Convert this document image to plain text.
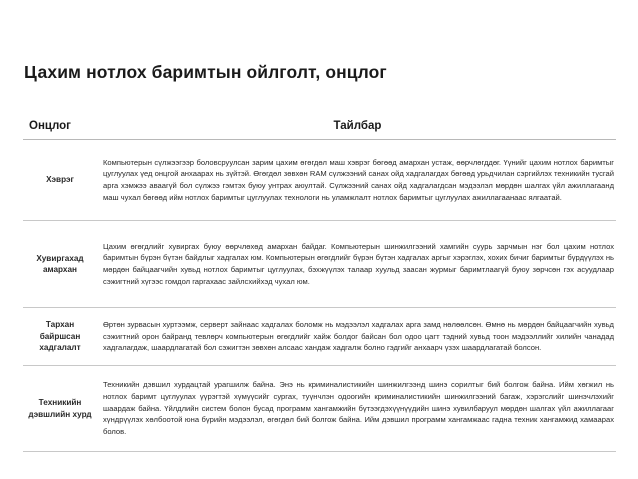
Цахим нотлох баримтын ойлголт, онцлог
Онцлог	Тайлбар
Хэврэг	Компьютерын сүлжээгээр боловсруулсан зарим цахим өгөгдөл маш хэврэг бөгөөд амархан устаж, өөрчлөгддөг. Үүнийг цахим нотлох баримтыг цуглуулах үед онцгой анхаарах нь зүйтэй. Өгөгдөл зөвхөн RAM сүлжээний санах ойд хадгалагдах бөгөөд урьдчилан сэргийлэх техникийн тусгай арга хэмжээ аваагүй бол сүлжээ гэмтэх буюу унтрах аюултай. Сүлжээний санах ойд хадгалагдсан мэдээлэл мөрдөн шалгах үйл ажиллагаанд маш чухал бөгөөд ийм нотлох баримтыг цуглуулах технологи нь уламжлалт нотлох баримтыг цуглуулах ажиллагаанаас ялгаатай.
Хувиргахад амархан	Цахим өгөгдлийг хувиргах буюу өөрчлөхөд амархан байдаг. Компьютерын шинжилгээний хамгийн суурь зарчмын нэг бол цахим нотлох баримтын бүрэн бүтэн байдлыг хадгалах юм. Компьютерын өгөгдлийг бүрэн бүтэн хадгалах аргыг хэрэглэх, хохих бичиг баримтыг бүрдүүлэх нь мөрдөн байцаагчийн хувьд нотлох баримтыг цуглуулах, бэхжүүлэх талаар хуульд заасан журмыг баримтлаагүй буюу зөрчсөн гэх асуудлаар сэжигтний хүгээс гомдол гаргахаас зайлсхийхэд чухал юм.
Тархан байршсан хадгалалт	Өртөн зурвасын хуртээмж, серверт зайнаас хадгалах боломж нь мэдээлэл хадгалах арга замд нөлөөлсөн. Өмнө нь мөрдөн байцаагчийн хувьд сэжигтний орон байранд тевлөрч компьютерын өгөгдлийг хайж болдог байсан бол одоо цагт тэдний хувьд тоон мэдээллийг хилийн чанадад хадгалагдаж, шаардлагатай бол сэжигтэн зөвхөн алсаас хандаж хадгалж болно гэдгийг анхаарч үзэх шаардлагатай болсон.
Техникийн дэвшлийн хурд	Техникийн дэвшил хурдацтай урагшилж байна. Энэ нь криминалистикийн шинжилгээнд шинэ сорилтыг бий болгож байна. Ийм хөгжил нь нотлох баримт цуглуулах үүрэгтэй хүмүүсийг сургах, туүнчлэн одоогийн криминалистикийн шинжилгээний багаж, хэрэгслийг шинэчлэхийг шаардаж байна. Үйлдлийн систем болон бусад программ хангамжийн бүтээгдэхүүнүүдийн шинэ хувилбаруул мөрдөн шалгах үйл ажиллагааг хүндрүүлэх хөлбоотой юна бүрийн мэдээлэл, өгөгдөл бий болгож байна. Ийм дэвшил программ хангамжаас гадна техник хангамжид хамаарах болов.
